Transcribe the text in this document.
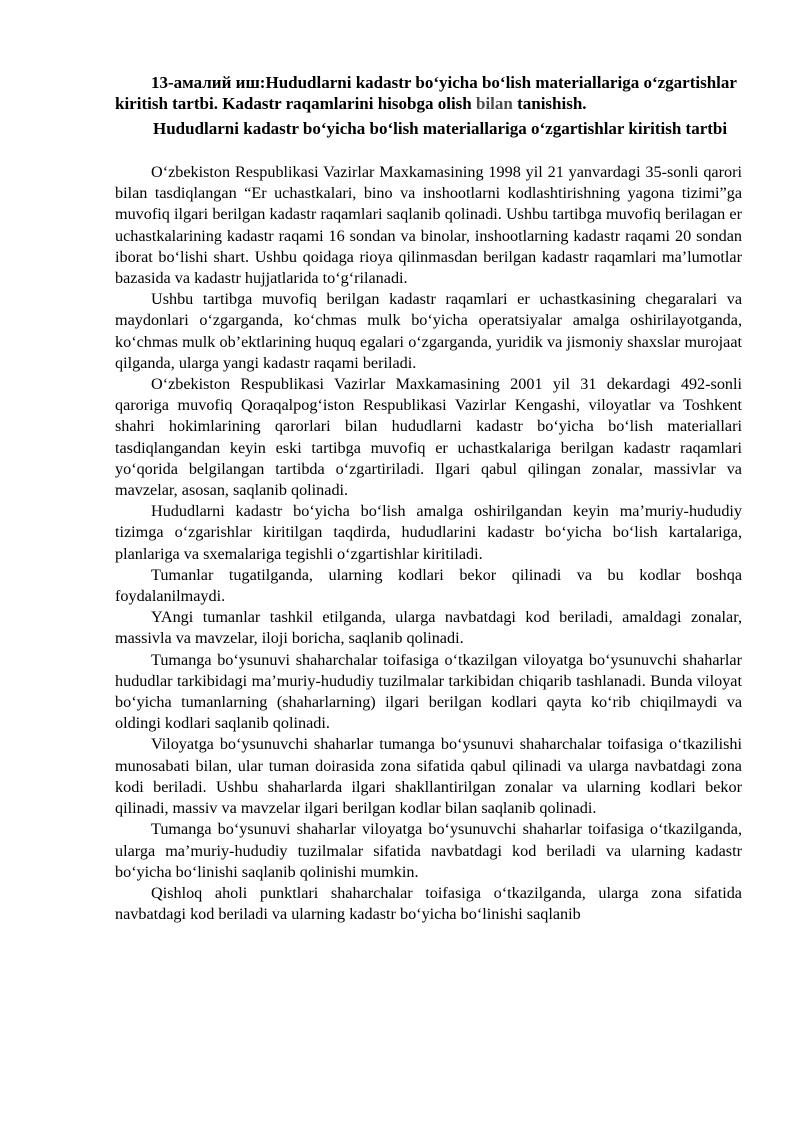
13-амалий иш:Hududlarni kadastr bo‘yicha bo‘lish materiallariga o‘zgartishlar kiritish tartbi. Kadastr raqamlarini hisobga olish bilan tanishish.

Hududlarni kadastr bo‘yicha bo‘lish materiallariga o‘zgartishlar kiritish tartbi

O‘zbekiston Respublikasi Vazirlar Maxkamasining 1998 yil 21 yanvardagi 35-sonli qarori bilan tasdiqlangan “Er uchastkalari, bino va inshootlarni kodlashtirishning yagona tizimi”ga muvofiq ilgari berilgan kadastr raqamlari saqlanib qolinadi. Ushbu tartibga muvofiq berilagan er uchastkalarining kadastr raqami 16 sondan va binolar, inshootlarning kadastr raqami 20 sondan iborat bo‘lishi shart. Ushbu qoidaga rioya qilinmasdan berilgan kadastr raqamlari ma’lumotlar bazasida va kadastr hujjatlarida to‘g‘rilanadi.

Ushbu tartibga muvofiq berilgan kadastr raqamlari er uchastkasining chegaralari va maydonlari o‘zgarganda, ko‘chmas mulk bo‘yicha operatsiyalar amalga oshirilayotganda, ko‘chmas mulk ob’ektlarining huquq egalari o‘zgarganda, yuridik va jismoniy shaxslar murojaat qilganda, ularga yangi kadastr raqami beriladi.

O‘zbekiston Respublikasi Vazirlar Maxkamasining 2001 yil 31 dekardagi 492-sonli qaroriga muvofiq Qoraqalpog‘iston Respublikasi Vazirlar Kengashi, viloyatlar va Toshkent shahri hokimlarining qarorlari bilan hududlarni kadastr bo‘yicha bo‘lish materiallari tasdiqlangandan keyin eski tartibga muvofiq er uchastkalariga berilgan kadastr raqamlari yo‘qorida belgilangan tartibda o‘zgartiriladi. Ilgari qabul qilingan zonalar, massivlar va mavzelar, asosan, saqlanib qolinadi.

Hududlarni kadastr bo‘yicha bo‘lish amalga oshirilgandan keyin ma’muriy-hududiy tizimga o‘zgarishlar kiritilgan taqdirda, hududlarini kadastr bo‘yicha bo‘lish kartalariga, planlariga va sxemalariga tegishli o‘zgartishlar kiritiladi.

Tumanlar tugatilganda, ularning kodlari bekor qilinadi va bu kodlar boshqa foydalanilmaydi.

YAngi tumanlar tashkil etilganda, ularga navbatdagi kod beriladi, amaldagi zonalar, massivla va mavzelar, iloji boricha, saqlanib qolinadi.

Tumanga bo‘ysunuvi shaharchalar toifasiga o‘tkazilgan viloyatga bo‘ysunuvchi shaharlar hududlar tarkibidagi ma’muriy-hududiy tuzilmalar tarkibidan chiqarib tashlanadi. Bunda viloyat bo‘yicha tumanlarning (shaharlarning) ilgari berilgan kodlari qayta ko‘rib chiqilmaydi va oldingi kodlari saqlanib qolinadi.

Viloyatga bo‘ysunuvchi shaharlar tumanga bo‘ysunuvi shaharchalar toifasiga o‘tkazilishi munosabati bilan, ular tuman doirasida zona sifatida qabul qilinadi va ularga navbatdagi zona kodi beriladi. Ushbu shaharlarda ilgari shakllantirilgan zonalar va ularning kodlari bekor qilinadi, massiv va mavzelar ilgari berilgan kodlar bilan saqlanib qolinadi.

Tumanga bo‘ysunuvi shaharlar viloyatga bo‘ysunuvchi shaharlar toifasiga o‘tkazilganda, ularga ma’muriy-hududiy tuzilmalar sifatida navbatdagi kod beriladi va ularning kadastr bo‘yicha bo‘linishi saqlanib qolinishi mumkin.

Qishloq aholi punktlari shaharchalar toifasiga o‘tkazilganda, ularga zona sifatida navbatdagi kod beriladi va ularning kadastr bo‘yicha bo‘linishi saqlanib
